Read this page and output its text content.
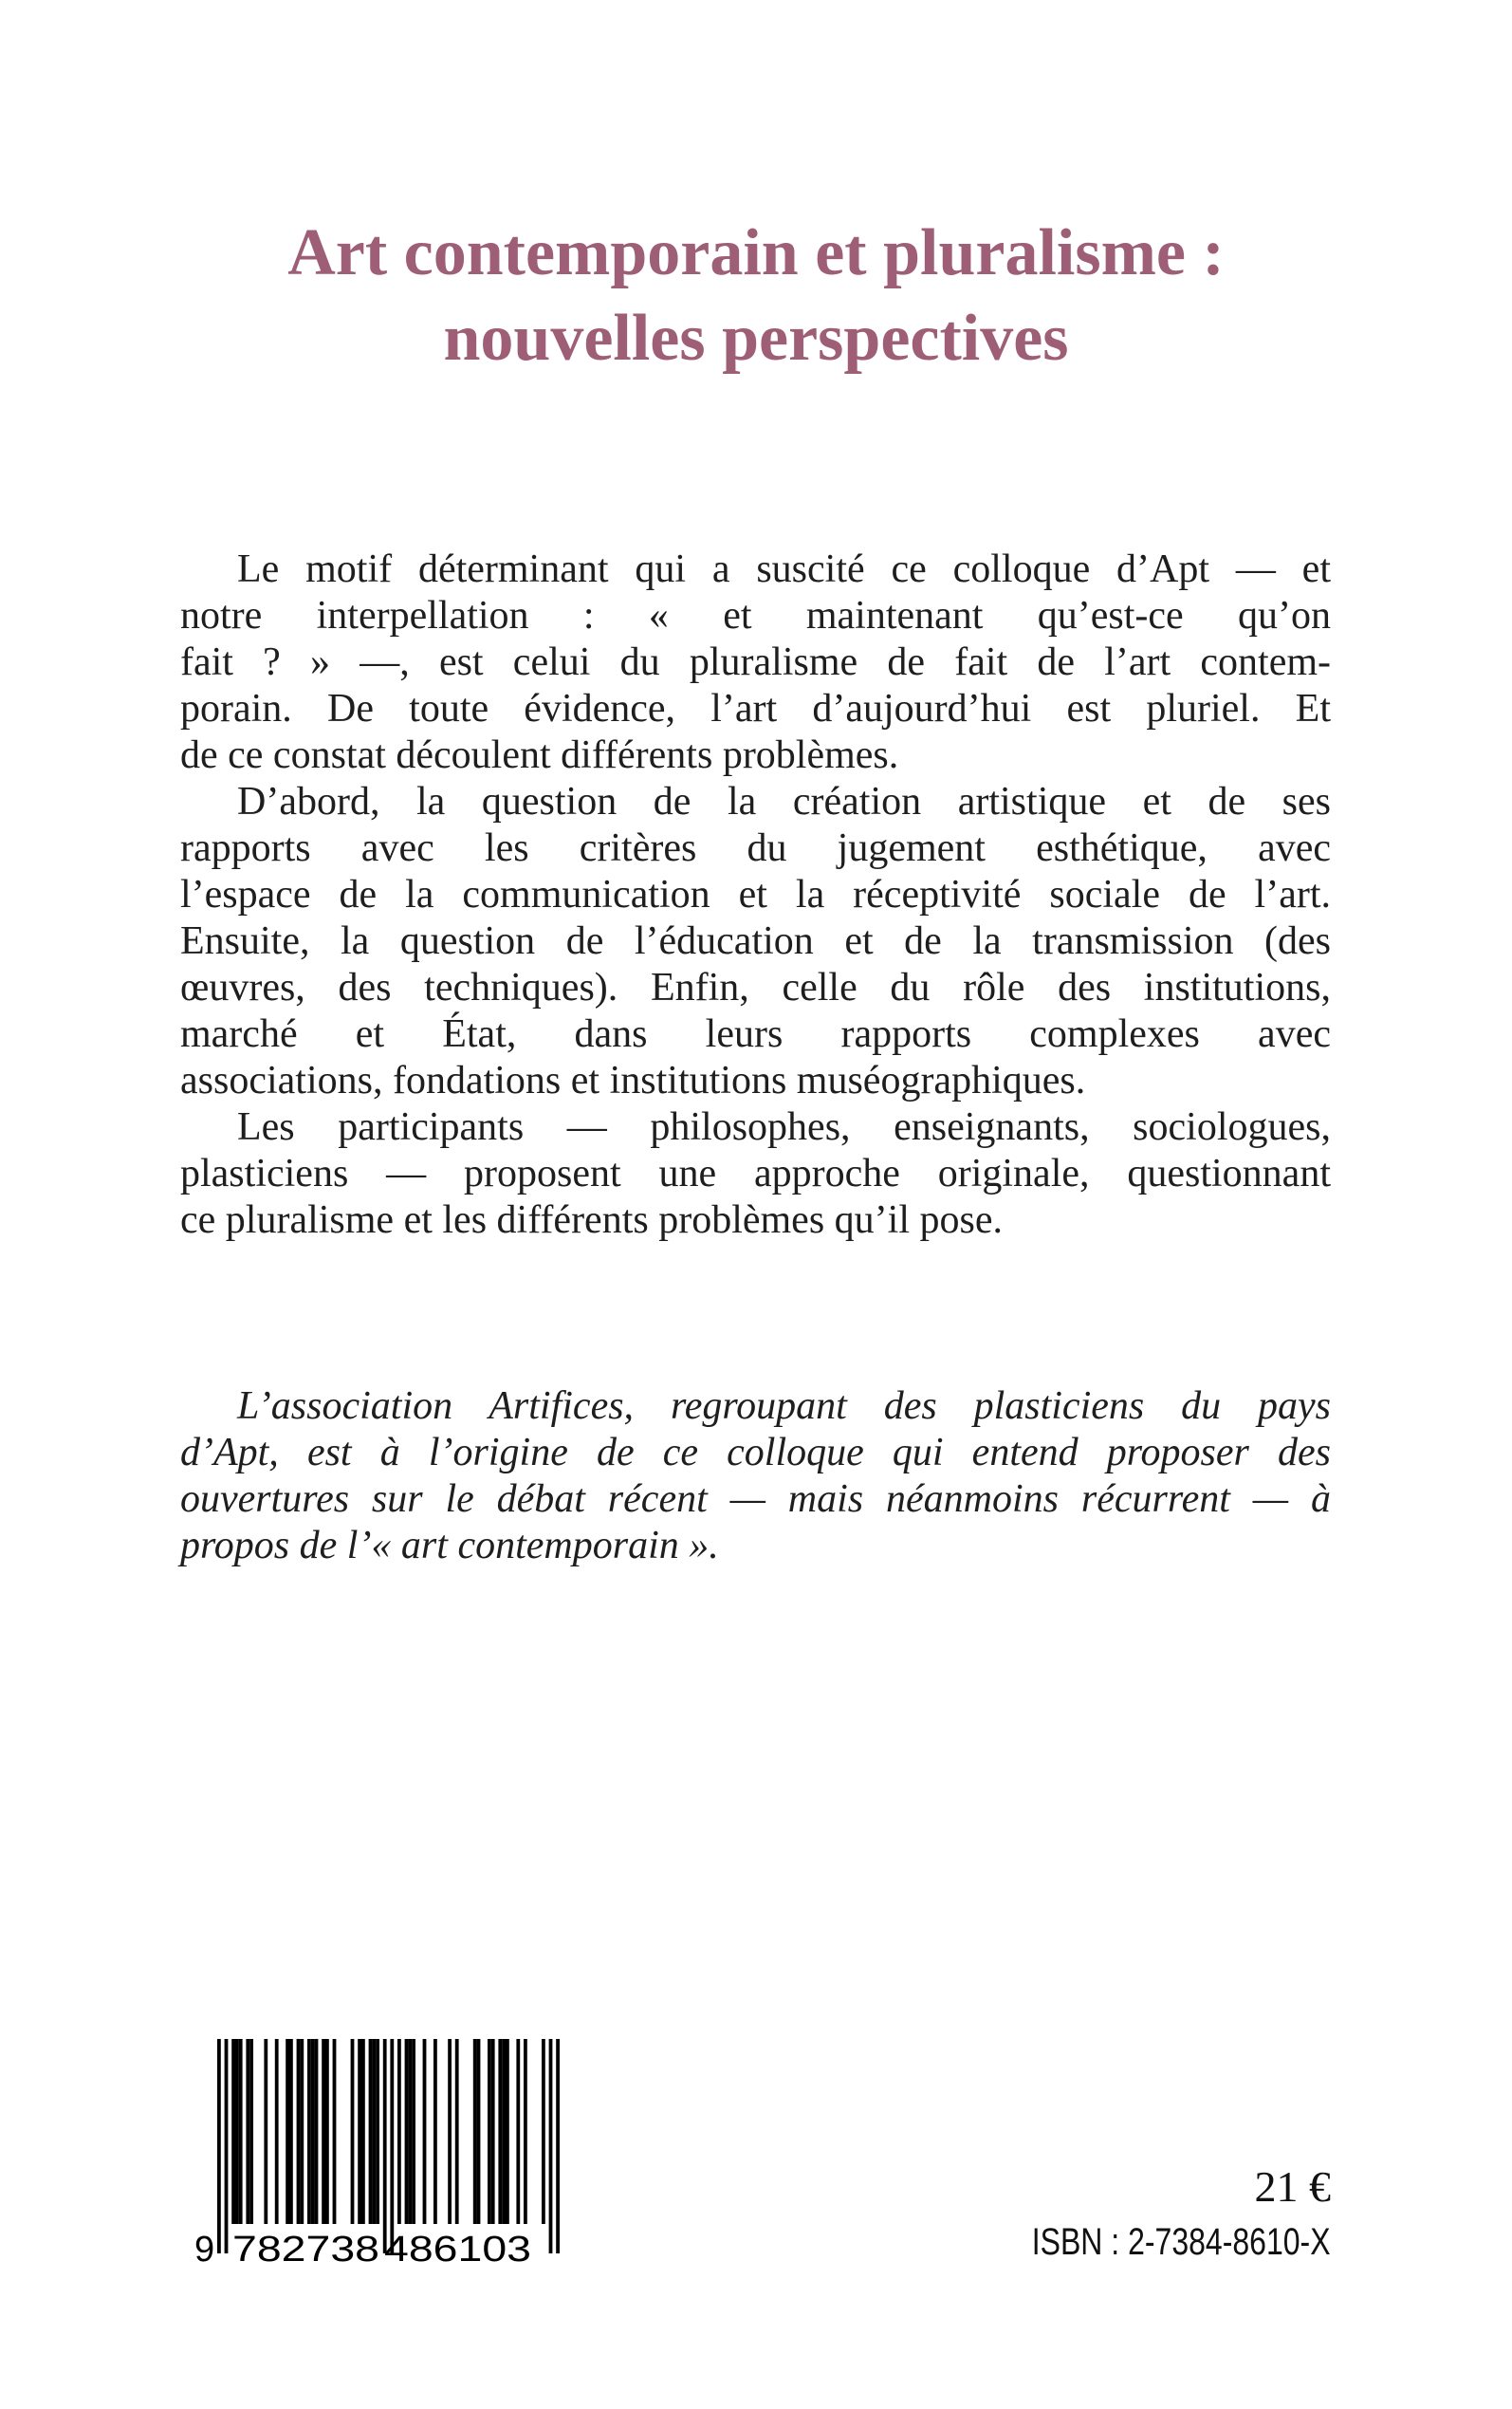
Art contemporain et pluralisme :
nouvelles perspectives
Le motif déterminant qui a suscité ce colloque d’Apt — et
notre interpellation : « et maintenant qu’est-ce qu’on
fait ? » —, est celui du pluralisme de fait de l’art contem-
porain. De toute évidence, l’art d’aujourd’hui est pluriel. Et
de ce constat découlent différents problèmes.
D’abord, la question de la création artistique et de ses
rapports avec les critères du jugement esthétique, avec
l’espace de la communication et la réceptivité sociale de l’art.
Ensuite, la question de l’éducation et de la transmission (des
œuvres, des techniques). Enfin, celle du rôle des institutions,
marché et État, dans leurs rapports complexes avec
associations, fondations et institutions muséographiques.
Les participants — philosophes, enseignants, sociologues,
plasticiens — proposent une approche originale, questionnant
ce pluralisme et les différents problèmes qu’il pose.
L’association Artifices, regroupant des plasticiens du pays
d’Apt, est à l’origine de ce colloque qui entend proposer des
ouvertures sur le débat récent — mais néanmoins récurrent — à
propos de l’« art contemporain ».
9 782738 486103
21 €
ISBN : 2-7384-8610-X
